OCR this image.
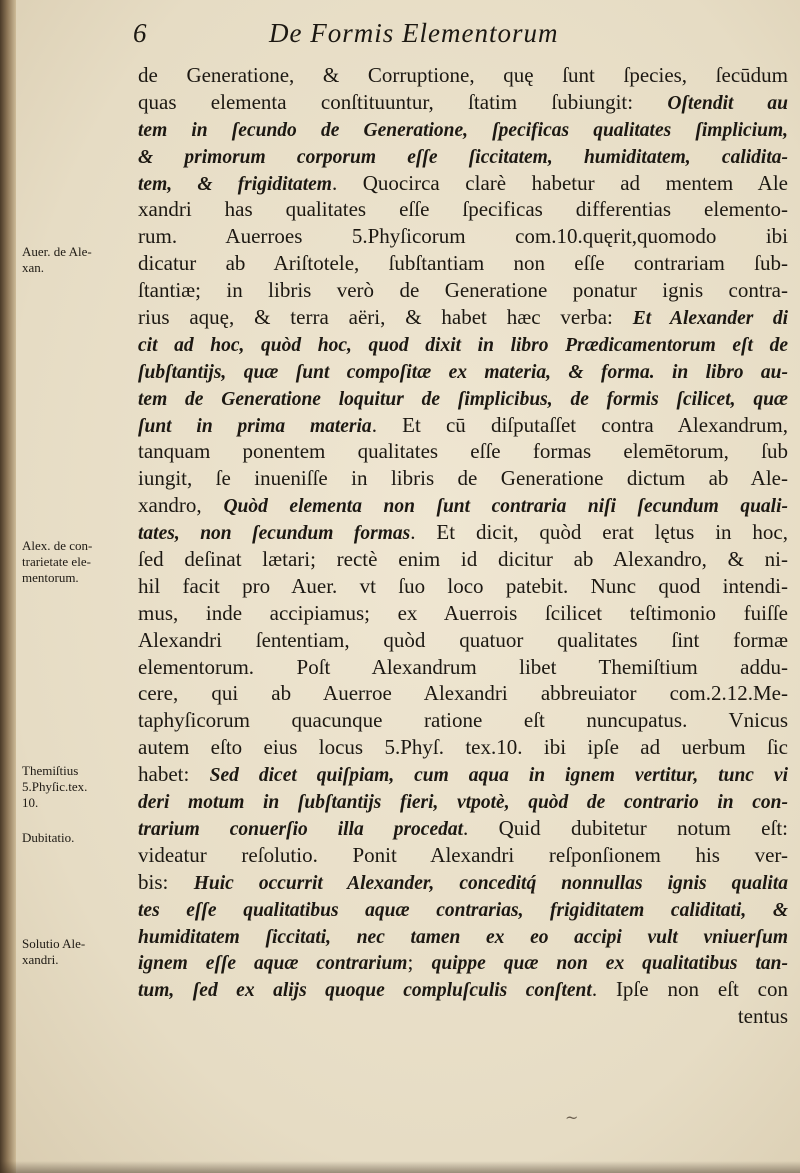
6	De Formis Elementorum
Auer. de Ale-
xan.
Alex. de con-
trarietate ele-
mentorum.
Themiſtius
5.Phyſic.tex.
10.
Dubitatio.
Solutio Ale-
xandri.
de Generatione, & Corruptione, quę ſunt ſpecies, ſecūdum
quas elementa conſtituuntur, ſtatim ſubiungit: Oſtendit au
tem in ſecundo de Generatione, ſpecificas qualitates ſimplicium,
& primorum corporum eſſe ſiccitatem, humiditatem, calidita-
tem, & frigiditatem. Quocirca clarè habetur ad mentem Ale
xandri has qualitates eſſe ſpecificas differentias elemento-
rum. Auerroes 5.Phyſicorum com.10.quęrit,quomodo ibi
dicatur ab Ariſtotele, ſubſtantiam non eſſe contrariam ſub-
ſtantiæ; in libris verò de Generatione ponatur ignis contra-
rius aquę, & terra aëri, & habet hæc verba: Et Alexander di
cit ad hoc, quòd hoc, quod dixit in libro Prædicamentorum eſt de
ſubſtantijs, quæ ſunt compoſitæ ex materia, & forma. in libro au-
tem de Generatione loquitur de ſimplicibus, de formis ſcilicet, quæ
ſunt in prima materia. Et cū diſputaſſet contra Alexandrum,
tanquam ponentem qualitates eſſe formas elemētorum, ſub
iungit, ſe inueniſſe in libris de Generatione dictum ab Ale-
xandro, Quòd elementa non ſunt contraria niſi ſecundum quali-
tates, non ſecundum formas. Et dicit, quòd erat lętus in hoc,
ſed deſinat lætari; rectè enim id dicitur ab Alexandro, & ni-
hil facit pro Auer. vt ſuo loco patebit. Nunc quod intendi-
mus, inde accipiamus; ex Auerrois ſcilicet teſtimonio fuiſſe
Alexandri ſententiam, quòd quatuor qualitates ſint formæ
elementorum. Poſt Alexandrum libet Themiſtium addu-
cere, qui ab Auerroe Alexandri abbreuiator com.2.12.Me-
taphyſicorum quacunque ratione eſt nuncupatus. Vnicus
autem eſto eius locus 5.Phyſ. tex.10. ibi ipſe ad uerbum ſic
habet: Sed dicet quiſpiam, cum aqua in ignem vertitur, tunc vi
deri motum in ſubſtantijs fieri, vtpotè, quòd de contrario in con-
trarium conuerſio illa procedat. Quid dubitetur notum eſt:
videatur reſolutio. Ponit Alexandri reſponſionem his ver-
bis: Huic occurrit Alexander, conceditq́ nonnullas ignis qualita
tes eſſe qualitatibus aquæ contrarias, frigiditatem caliditati, &
humiditatem ſiccitati, nec tamen ex eo accipi vult vniuerſum
ignem eſſe aquæ contrarium; quippe quæ non ex qualitatibus tan-
tum, ſed ex alijs quoque compluſculis conſtent. Ipſe non eſt con
tentus
~
